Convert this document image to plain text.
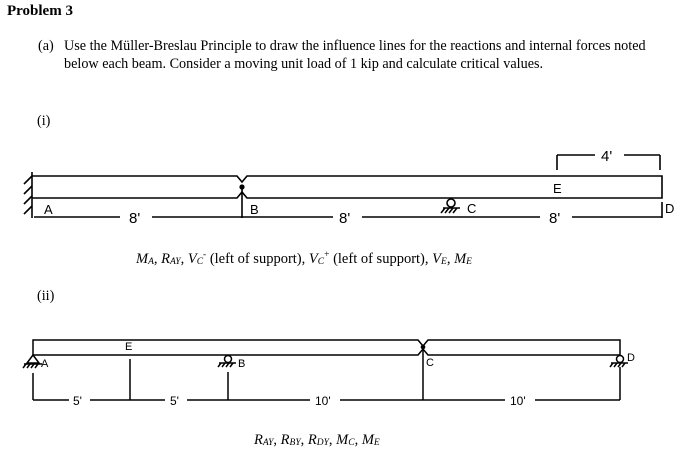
Problem 3
(a) Use the Müller-Breslau Principle to draw the influence lines for the reactions and internal forces noted below each beam. Consider a moving unit load of 1 kip and calculate critical values.
(i)
(ii)
A	B	C	D
E
8'	8'	8'
4'
$M_A$, $R_{AY}$, $V_C^-$ (left of support), $V_C^+$ (left of support), $V_E$, $M_E$
A
E
B	C	D
5'	5'	10'	10'
$R_{AY}$, $R_{BY}$, $R_{DY}$, $M_C$, $M_E$
